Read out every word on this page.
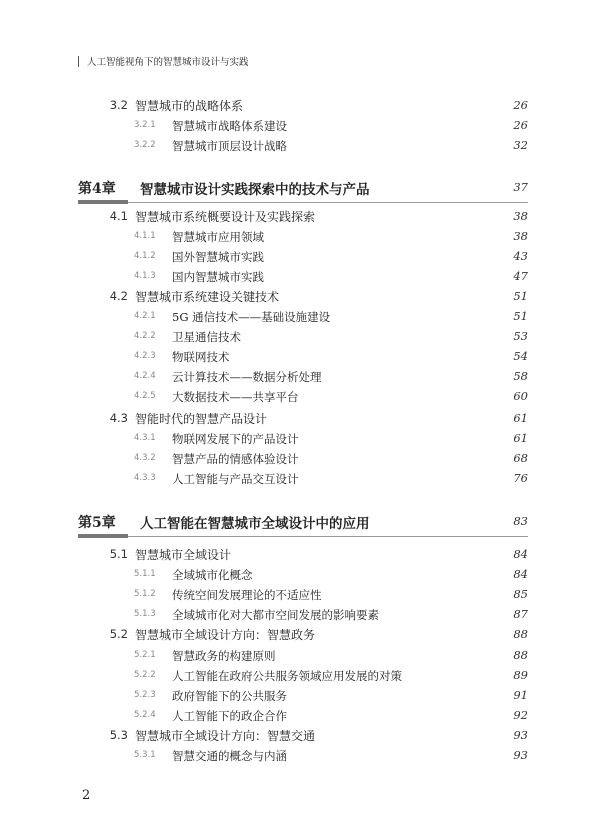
人工智能视角下的智慧城市设计与实践
3.2 智慧城市的战略体系	26
3.2.1 智慧城市战略体系建设	26
3.2.2 智慧城市顶层设计战略	32
第4章 智慧城市设计实践探索中的技术与产品	37
4.1 智慧城市系统概要设计及实践探索	38
4.1.1 智慧城市应用领域	38
4.1.2 国外智慧城市实践	43
4.1.3 国内智慧城市实践	47
4.2 智慧城市系统建设关键技术	51
4.2.1 5G 通信技术——基础设施建设	51
4.2.2 卫星通信技术	53
4.2.3 物联网技术	54
4.2.4 云计算技术——数据分析处理	58
4.2.5 大数据技术——共享平台	60
4.3 智能时代的智慧产品设计	61
4.3.1 物联网发展下的产品设计	61
4.3.2 智慧产品的情感体验设计	68
4.3.3 人工智能与产品交互设计	76
第5章 人工智能在智慧城市全域设计中的应用	83
5.1 智慧城市全域设计	84
5.1.1 全域城市化概念	84
5.1.2 传统空间发展理论的不适应性	85
5.1.3 全域城市化对大都市空间发展的影响要素	87
5.2 智慧城市全域设计方向：智慧政务	88
5.2.1 智慧政务的构建原则	88
5.2.2 人工智能在政府公共服务领域应用发展的对策	89
5.2.3 政府智能下的公共服务	91
5.2.4 人工智能下的政企合作	92
5.3 智慧城市全域设计方向：智慧交通	93
5.3.1 智慧交通的概念与内涵	93
2
